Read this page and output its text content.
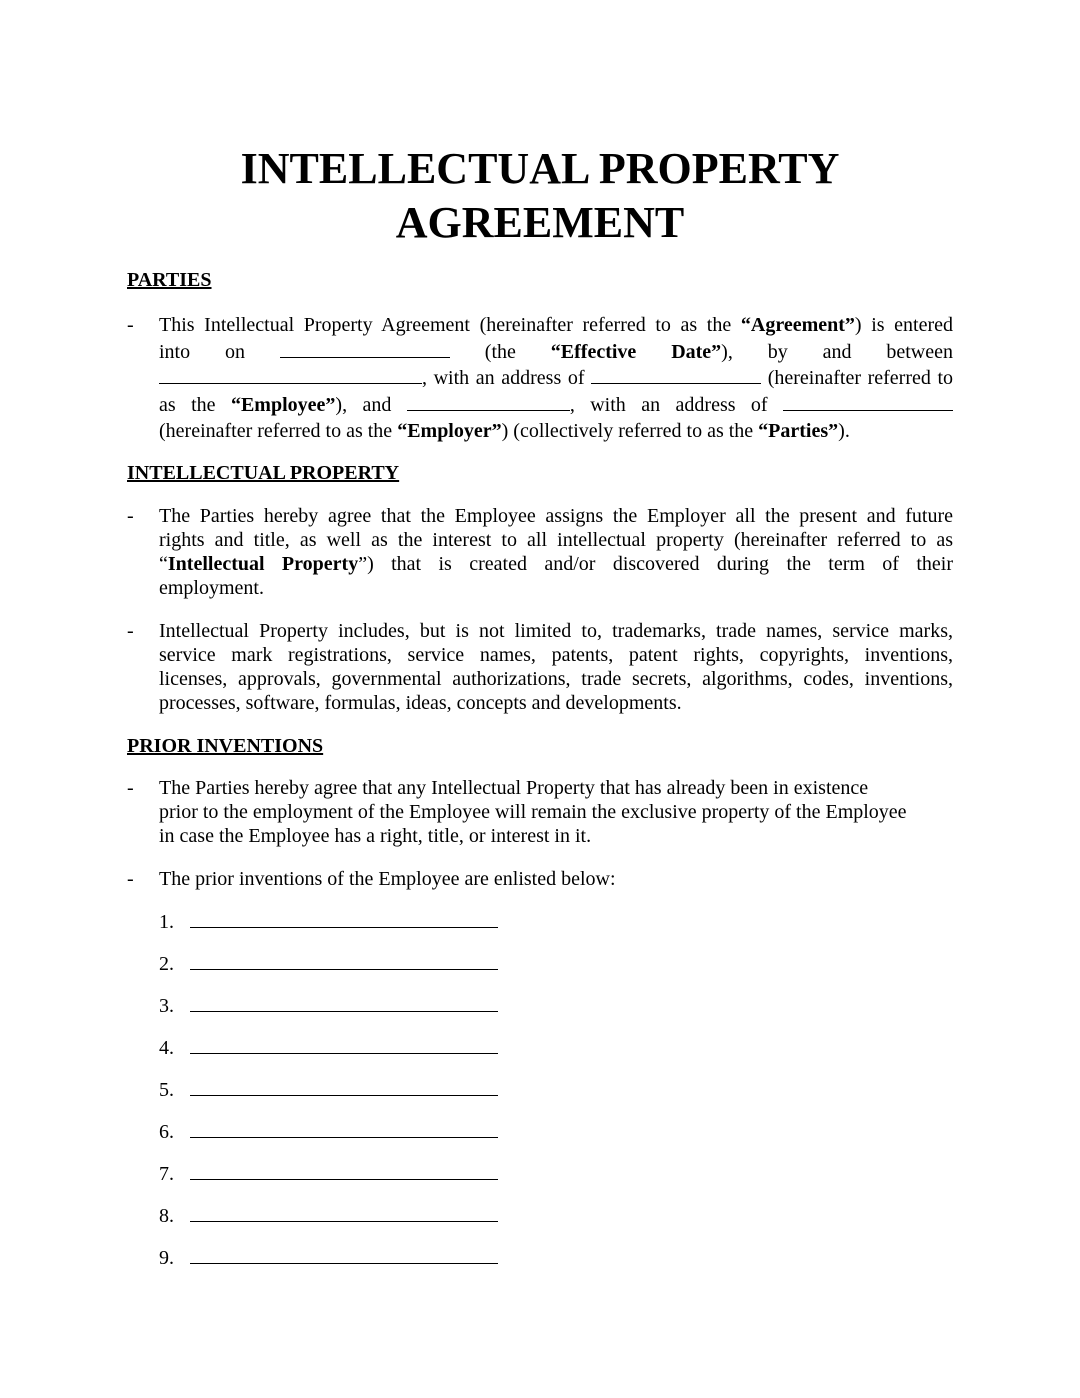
INTELLECTUAL PROPERTY
AGREEMENT
PARTIES
- This Intellectual Property Agreement (hereinafter referred to as the “Agreement”) is entered
into on	(the “Effective Date”), by and between
, with an address of	(hereinafter referred to
as the “Employee”), and	, with an address of
(hereinafter referred to as the “Employer”) (collectively referred to as the “Parties”).
INTELLECTUAL PROPERTY
- The Parties hereby agree that the Employee assigns the Employer all the present and future
rights and title, as well as the interest to all intellectual property (hereinafter referred to as
“Intellectual Property”) that is created and/or discovered during the term of their
employment.
- Intellectual Property includes, but is not limited to, trademarks, trade names, service marks,
service mark registrations, service names, patents, patent rights, copyrights, inventions,
licenses, approvals, governmental authorizations, trade secrets, algorithms, codes, inventions,
processes, software, formulas, ideas, concepts and developments.
PRIOR INVENTIONS
- The Parties hereby agree that any Intellectual Property that has already been in existence
prior to the employment of the Employee will remain the exclusive property of the Employee
in case the Employee has a right, title, or interest in it.
- The prior inventions of the Employee are enlisted below:
1.
2.
3.
4.
5.
6.
7.
8.
9.
